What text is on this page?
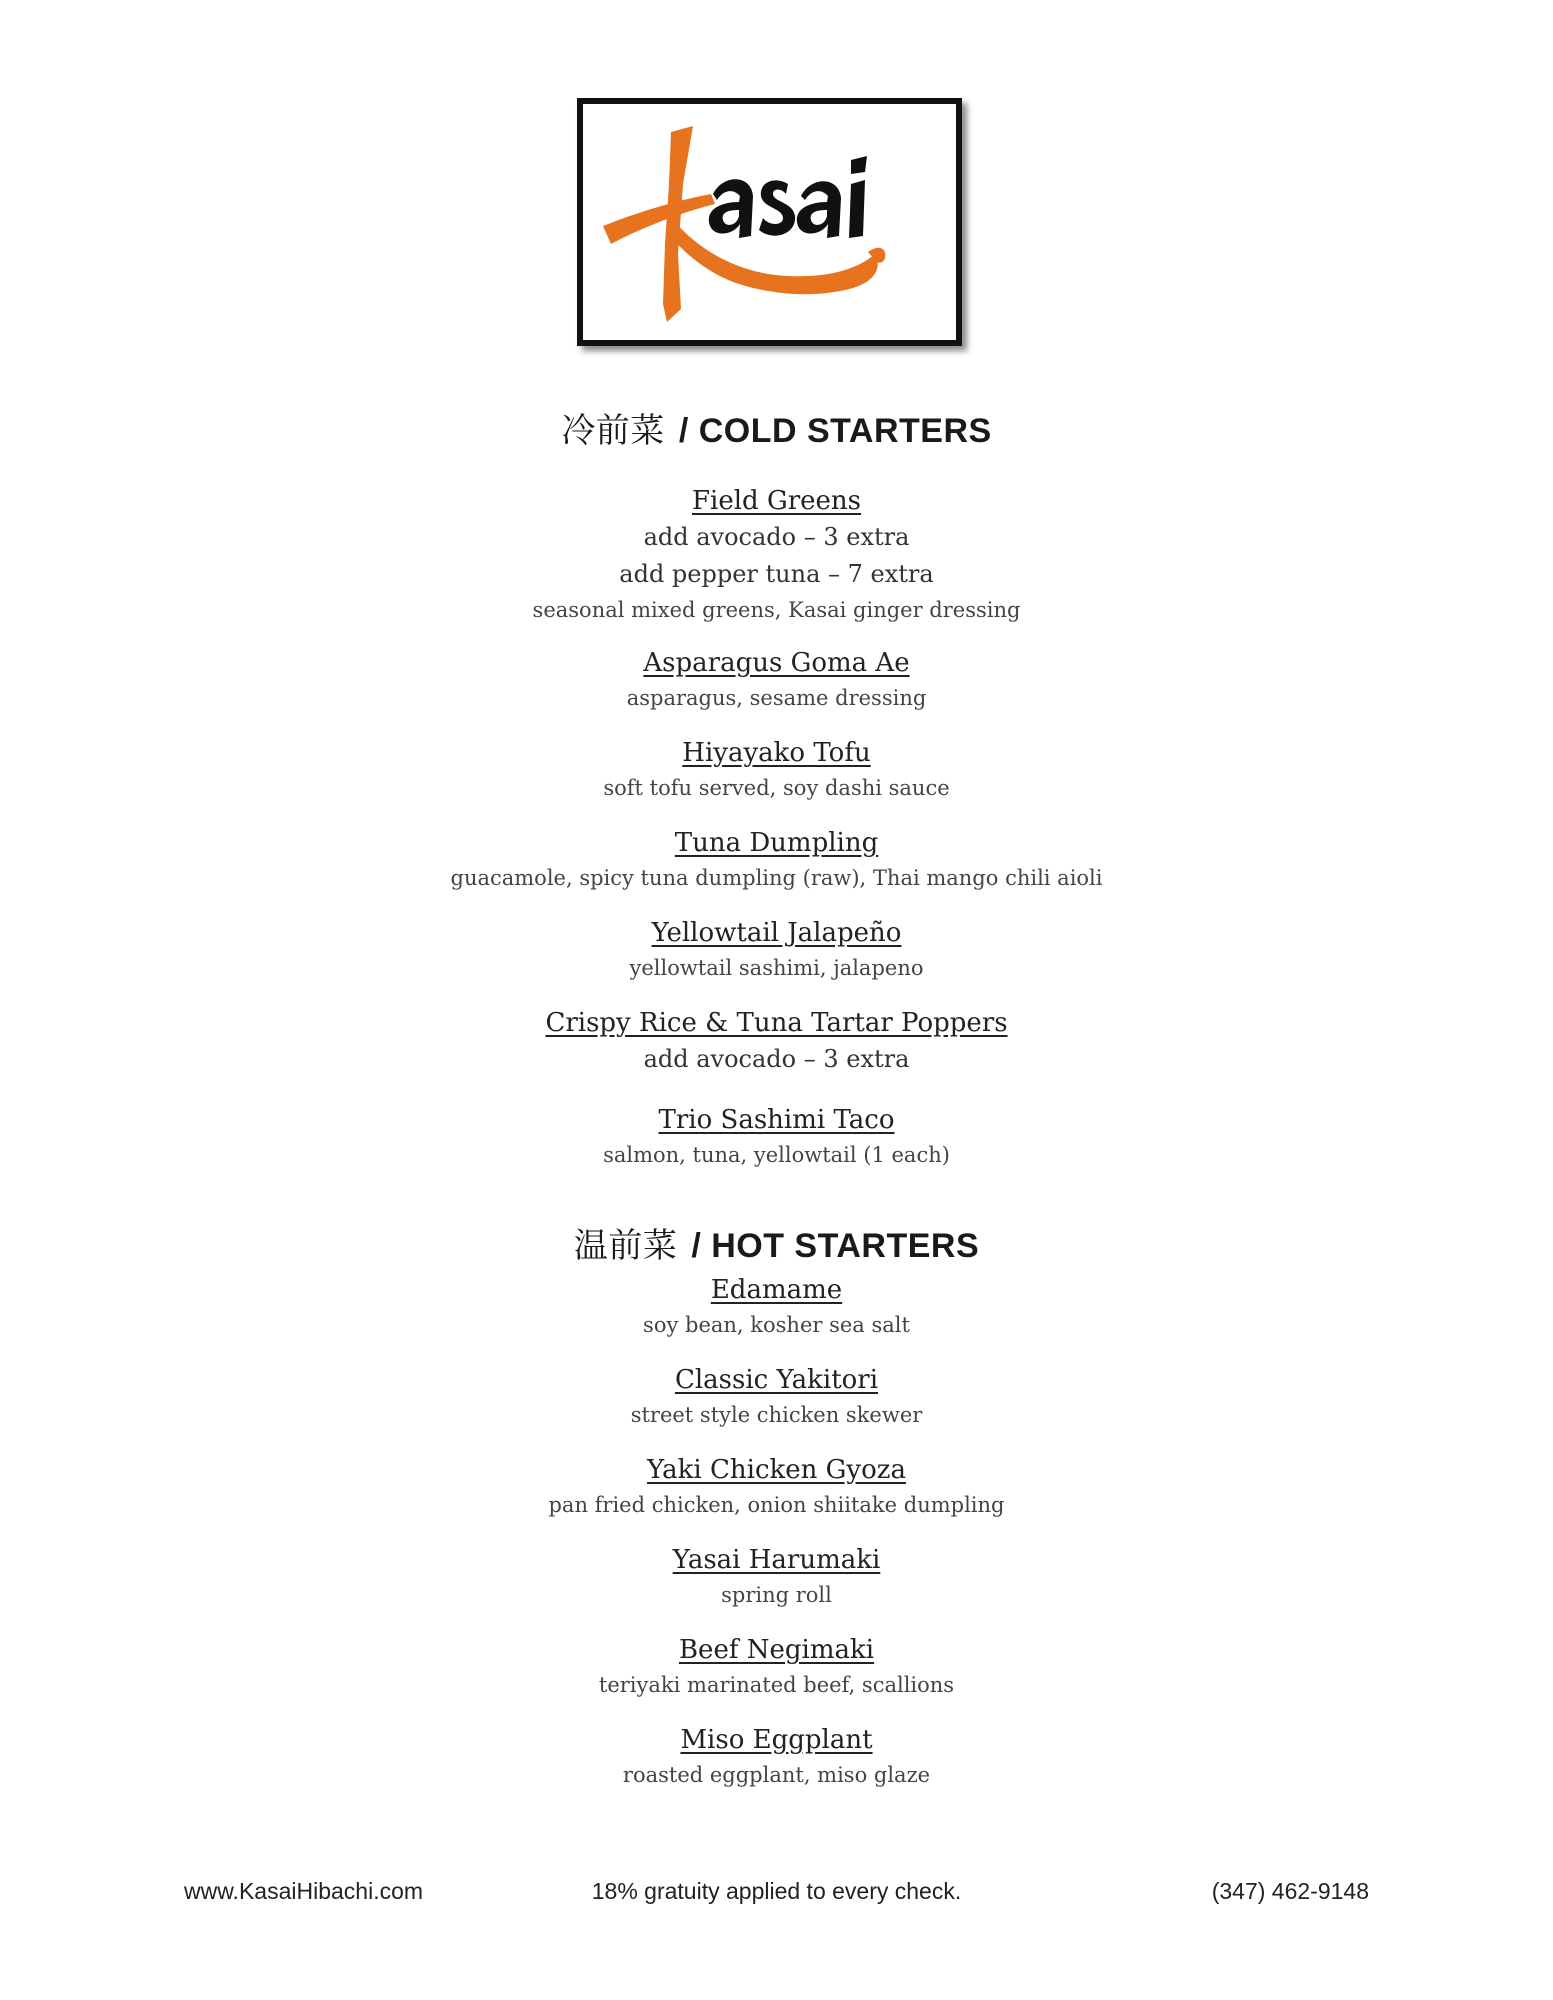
冷前菜 / COLD STARTERS
Field Greens
add avocado – 3 extra
add pepper tuna – 7 extra
seasonal mixed greens, Kasai ginger dressing
Asparagus Goma Ae
asparagus, sesame dressing
Hiyayako Tofu
soft tofu served, soy dashi sauce
Tuna Dumpling
guacamole, spicy tuna dumpling (raw), Thai mango chili aioli
Yellowtail Jalapeño
yellowtail sashimi, jalapeno
Crispy Rice & Tuna Tartar Poppers
add avocado – 3 extra
Trio Sashimi Taco
salmon, tuna, yellowtail (1 each)
温前菜 / HOT STARTERS
Edamame
soy bean, kosher sea salt
Classic Yakitori
street style chicken skewer
Yaki Chicken Gyoza
pan fried chicken, onion shiitake dumpling
Yasai Harumaki
spring roll
Beef Negimaki
teriyaki marinated beef, scallions
Miso Eggplant
roasted eggplant, miso glaze
www.KasaiHibachi.com	18% gratuity applied to every check.	(347) 462-9148
